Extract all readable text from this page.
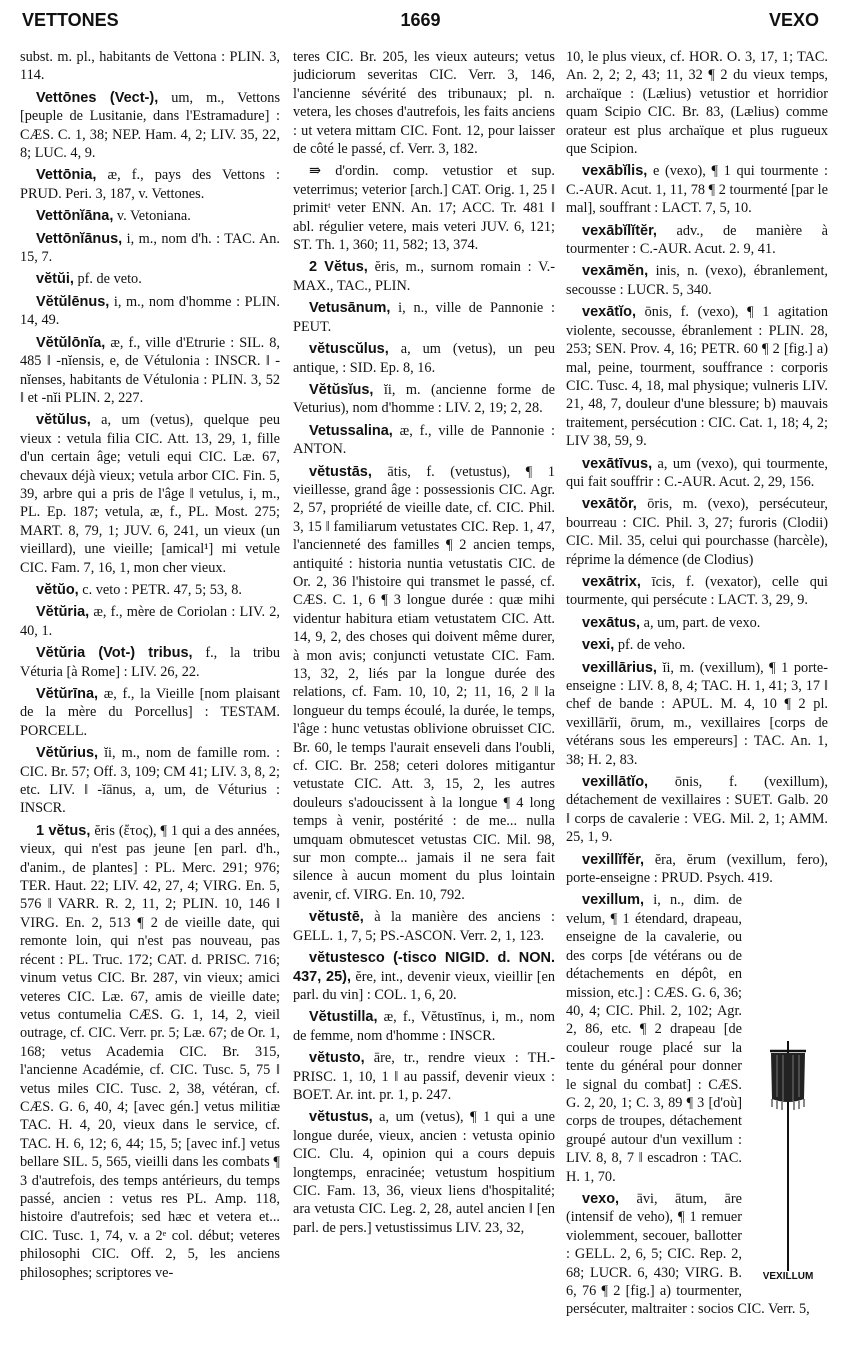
VETTONES	1669	VEXO

subst. m. pl., habitants de Vettona : PLIN. 3, 114.

Vettōnes (Vect-), um, m., Vettons [peuple de Lusitanie, dans l'Estramadure] : CÆS. C. 1, 38; NEP. Ham. 4, 2; LIV. 35, 22, 8; LUC. 4, 9.

Vettōnia, æ, f., pays des Vettons : PRUD. Peri. 3, 187, v. Vettones.

Vettōnĭāna, v. Vetoniana.

Vettōnĭānus, i, m., nom d'h. : TAC. An. 15, 7.

vĕtŭi, pf. de veto.

Vĕtŭlēnus, i, m., nom d'homme : PLIN. 14, 49.

Vĕtŭlōnĭa, æ, f., ville d'Etrurie : SIL. 8, 485 ‖ -nĭensis, e, de Vétulonia : INSCR. ‖ -nĭenses, habitants de Vétulonia : PLIN. 3, 52 ‖ et -nĭi PLIN. 2, 227.

vĕtŭlus, a, um (vetus), quelque peu vieux : vetula filia CIC. Att. 13, 29, 1, fille d'un certain âge; vetuli equi CIC. Læ. 67, chevaux déjà vieux; vetula arbor CIC. Fin. 5, 39, arbre qui a pris de l'âge ‖ vetulus, i, m., PL. Ep. 187; vetula, æ, f., PL. Most. 275; MART. 8, 79, 1; JUV. 6, 241, un vieux (un vieillard), une vieille; [amical¹] mi vetule CIC. Fam. 7, 16, 1, mon cher vieux.

vĕtŭo, c. veto : PETR. 47, 5; 53, 8.

Vĕtŭria, æ, f., mère de Coriolan : LIV. 2, 40, 1.

Vĕtŭria (Vot-) tribus, f., la tribu Véturia [à Rome] : LIV. 26, 22.

Vĕtŭrīna, æ, f., la Vieille [nom plaisant de la mère du Porcellus] : TESTAM. PORCELL.

Vĕtŭrius, ĭi, m., nom de famille rom. : CIC. Br. 57; Off. 3, 109; CM 41; LIV. 3, 8, 2; etc. LIV. ‖ -ĭānus, a, um, de Véturius : INSCR.

1 vĕtus, ĕris (ἔτος), ¶ 1 qui a des années, vieux, qui n'est pas jeune [en parl. d'h., d'anim., de plantes] : PL. Merc. 291; 976; TER. Haut. 22; LIV. 42, 27, 4; VIRG. En. 5, 576 ‖ VARR. R. 2, 11, 2; PLIN. 10, 146 ‖ VIRG. En. 2, 513 ¶ 2 de vieille date, qui remonte loin, qui n'est pas nouveau, pas récent : PL. Truc. 172; CAT. d. PRISC. 716; vinum vetus CIC. Br. 287, vin vieux; amici veteres CIC. Læ. 67, amis de vieille date; vetus contumelia CÆS. G. 1, 14, 2, vieil outrage, cf. CIC. Verr. pr. 5; Læ. 67; de Or. 1, 168; vetus Academia CIC. Br. 315, l'ancienne Académie, cf. CIC. Tusc. 5, 75 ‖ vetus miles CIC. Tusc. 2, 38, vétéran, cf. CÆS. G. 6, 40, 4; [avec gén.] vetus militiæ TAC. H. 4, 20, vieux dans le service, cf. TAC. H. 6, 12; 6, 44; 15, 5; [avec inf.] vetus bellare SIL. 5, 565, vieilli dans les combats ¶ 3 d'autrefois, des temps antérieurs, du temps passé, ancien : vetus res PL. Amp. 118, histoire d'autrefois; sed hæc et vetera et... CIC. Tusc. 1, 74, v. a 2ᵉ col. début; veteres philosophi CIC. Off. 2, 5, les anciens philosophes; scriptores ve-

teres CIC. Br. 205, les vieux auteurs; vetus judiciorum severitas CIC. Verr. 3, 146, l'ancienne sévérité des tribunaux; pl. n. vetera, les choses d'autrefois, les faits anciens : ut vetera mittam CIC. Font. 12, pour laisser de côté le passé, cf. Verr. 3, 182.

⇛ d'ordin. comp. vetustior et sup. veterrimus; veterior [arch.] CAT. Orig. 1, 25 ‖ primitᵗ veter ENN. An. 17; ACC. Tr. 481 ‖ abl. régulier vetere, mais veteri JUV. 6, 121; ST. Th. 1, 360; 11, 582; 13, 374.

2 Vĕtus, ĕris, m., surnom romain : V.-MAX., TAC., PLIN.

Vetusānum, i, n., ville de Pannonie : PEUT.

vĕtuscŭlus, a, um (vetus), un peu antique, : SID. Ep. 8, 16.

Vĕtŭsĭus, ĭi, m. (ancienne forme de Veturius), nom d'homme : LIV. 2, 19; 2, 28.

Vetussalina, æ, f., ville de Pannonie : ANTON.

vĕtustās, ātis, f. (vetustus), ¶ 1 vieillesse, grand âge : possessionis CIC. Agr. 2, 57, propriété de vieille date, cf. CIC. Phil. 3, 15 ‖ familiarum vetustates CIC. Rep. 1, 47, l'ancienneté des familles ¶ 2 ancien temps, antiquité : historia nuntia vetustatis CIC. de Or. 2, 36 l'histoire qui transmet le passé, cf. CÆS. C. 1, 6 ¶ 3 longue durée : quæ mihi videntur habitura etiam vetustatem CIC. Att. 14, 9, 2, des choses qui doivent même durer, à mon avis; conjuncti vetustate CIC. Fam. 13, 32, 2, liés par la longue durée des relations, cf. Fam. 10, 10, 2; 11, 16, 2 ‖ la longueur du temps écoulé, la durée, le temps, l'âge : hunc vetustas oblivione obruisset CIC. Br. 60, le temps l'aurait enseveli dans l'oubli, cf. CIC. Br. 258; ceteri dolores mitigantur vetustate CIC. Att. 3, 15, 2, les autres douleurs s'adoucissent à la longue ¶ 4 long temps à venir, postérité : de me... nulla umquam obmutescet vetustas CIC. Mil. 98, sur mon compte... jamais il ne sera fait silence à aucun moment du plus lointain avenir, cf. VIRG. En. 10, 792.

vĕtustē, à la manière des anciens : GELL. 1, 7, 5; PS.-ASCON. Verr. 2, 1, 123.

vĕtustesco (-tisco NIGID. d. NON. 437, 25), ĕre, int., devenir vieux, vieillir [en parl. du vin] : COL. 1, 6, 20.

Vĕtustilla, æ, f., Vĕtustīnus, i, m., nom de femme, nom d'homme : INSCR.

vĕtusto, āre, tr., rendre vieux : TH.-PRISC. 1, 10, 1 ‖ au passif, devenir vieux : BOET. Ar. int. pr. 1, p. 247.

vĕtustus, a, um (vetus), ¶ 1 qui a une longue durée, vieux, ancien : vetusta opinio CIC. Clu. 4, opinion qui a cours depuis longtemps, enracinée; vetustum hospitium CIC. Fam. 13, 36, vieux liens d'hospitalité; ara vetusta CIC. Leg. 2, 28, autel ancien ‖ [en parl. de pers.] vetustissimus LIV. 23, 32,

10, le plus vieux, cf. HOR. O. 3, 17, 1; TAC. An. 2, 2; 2, 43; 11, 32 ¶ 2 du vieux temps, archaïque : (Lælius) vetustior et horridior quam Scipio CIC. Br. 83, (Lælius) comme orateur est plus archaïque et plus rugueux que Scipion.

vexābĭlis, e (vexo), ¶ 1 qui tourmente : C.-AUR. Acut. 1, 11, 78 ¶ 2 tourmenté [par le mal], souffrant : LACT. 7, 5, 10.

vexābĭlĭtĕr, adv., de manière à tourmenter : C.-AUR. Acut. 2. 9, 41.

vexāmĕn, inis, n. (vexo), ébranlement, secousse : LUCR. 5, 340.

vexātĭo, ōnis, f. (vexo), ¶ 1 agitation violente, secousse, ébranlement : PLIN. 28, 253; SEN. Prov. 4, 16; PETR. 60 ¶ 2 [fig.] a) mal, peine, tourment, souffrance : corporis CIC. Tusc. 4, 18, mal physique; vulneris LIV. 21, 48, 7, douleur d'une blessure; b) mauvais traitement, persécution : CIC. Cat. 1, 18; 4, 2; LIV 38, 59, 9.

vexātīvus, a, um (vexo), qui tourmente, qui fait souffrir : C.-AUR. Acut. 2, 29, 156.

vexātŏr, ōris, m. (vexo), persécuteur, bourreau : CIC. Phil. 3, 27; furoris (Clodii) CIC. Mil. 35, celui qui pourchasse (harcèle), réprime la démence (de Clodius)

vexātrix, īcis, f. (vexator), celle qui tourmente, qui persécute : LACT. 3, 29, 9.

vexātus, a, um, part. de vexo.

vexi, pf. de veho.

vexillārius, ĭi, m. (vexillum), ¶ 1 porte-enseigne : LIV. 8, 8, 4; TAC. H. 1, 41; 3, 17 ‖ chef de bande : APUL. M. 4, 10 ¶ 2 pl. vexillārĭi, ōrum, m., vexillaires [corps de vétérans sous les empereurs] : TAC. An. 1, 38; H. 2, 83.

vexillātĭo, ōnis, f. (vexillum), détachement de vexillaires : SUET. Galb. 20 ‖ corps de cavalerie : VEG. Mil. 2, 1; AMM. 25, 1, 9.

vexillĭfĕr, ĕra, ĕrum (vexillum, fero), porte-enseigne : PRUD. Psych. 419.

VEXILLUM

vexillum, i, n., dim. de velum, ¶ 1 étendard, drapeau, enseigne de la cavalerie, ou des corps [de vétérans ou de détachements en dépôt, en mission, etc.] : CÆS. G. 6, 36; 40, 4; CIC. Phil. 2, 102; Agr. 2, 86, etc. ¶ 2 drapeau [de couleur rouge placé sur la tente du général pour donner le signal du combat] : CÆS. G. 2, 20, 1; C. 3, 89 ¶ 3 [d'où] corps de troupes, détachement groupé autour d'un vexillum : LIV. 8, 8, 7 ‖ escadron : TAC. H. 1, 70.

vexo, āvi, ātum, āre (intensif de veho), ¶ 1 remuer violemment, secouer, ballotter : GELL. 2, 6, 5; CIC. Rep. 2, 68; LUCR. 6, 430; VIRG. B. 6, 76 ¶ 2 [fig.] a) tourmenter, persécuter, maltraiter : socios CIC. Verr. 5,
